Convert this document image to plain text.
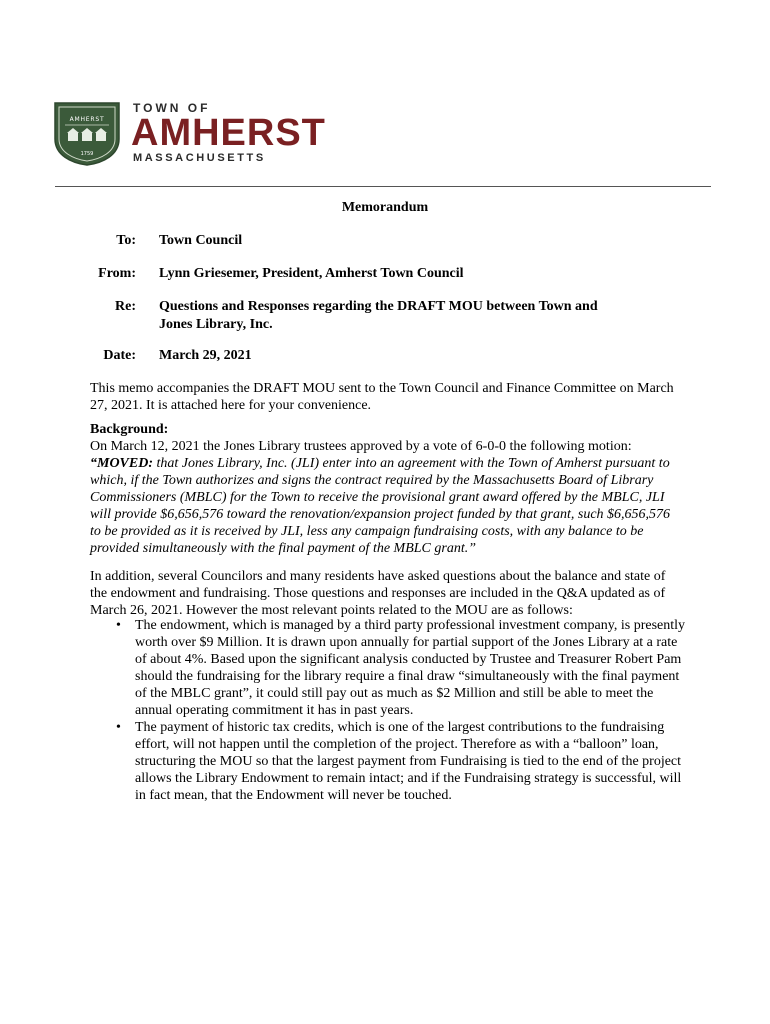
AMHERST
1759
TOWN OF
AMHERST
MASSACHUSETTS
Memorandum
To: Town Council
From: Lynn Griesemer, President, Amherst Town Council
Re: Questions and Responses regarding the DRAFT MOU between Town and Jones Library, Inc.
Date: March 29, 2021
This memo accompanies the DRAFT MOU sent to the Town Council and Finance Committee on March 27, 2021. It is attached here for your convenience.
Background:
On March 12, 2021 the Jones Library trustees approved by a vote of 6-0-0 the following motion:
“MOVED: that Jones Library, Inc. (JLI) enter into an agreement with the Town of Amherst pursuant to which, if the Town authorizes and signs the contract required by the Massachusetts Board of Library Commissioners (MBLC) for the Town to receive the provisional grant award offered by the MBLC, JLI will provide $6,656,576 toward the renovation/expansion project funded by that grant, such $6,656,576 to be provided as it is received by JLI, less any campaign fundraising costs, with any balance to be provided simultaneously with the final payment of the MBLC grant.”
In addition, several Councilors and many residents have asked questions about the balance and state of the endowment and fundraising. Those questions and responses are included in the Q&A updated as of March 26, 2021. However the most relevant points related to the MOU are as follows:

• The endowment, which is managed by a third party professional investment company, is presently worth over $9 Million. It is drawn upon annually for partial support of the Jones Library at a rate of about 4%. Based upon the significant analysis conducted by Trustee and Treasurer Robert Pam should the fundraising for the library require a final draw “simultaneously with the final payment of the MBLC grant”, it could still pay out as much as $2 Million and still be able to meet the annual operating commitment it has in past years.

• The payment of historic tax credits, which is one of the largest contributions to the fundraising effort, will not happen until the completion of the project. Therefore as with a “balloon” loan, structuring the MOU so that the largest payment from Fundraising is tied to the end of the project allows the Library Endowment to remain intact; and if the Fundraising strategy is successful, will in fact mean, that the Endowment will never be touched.
